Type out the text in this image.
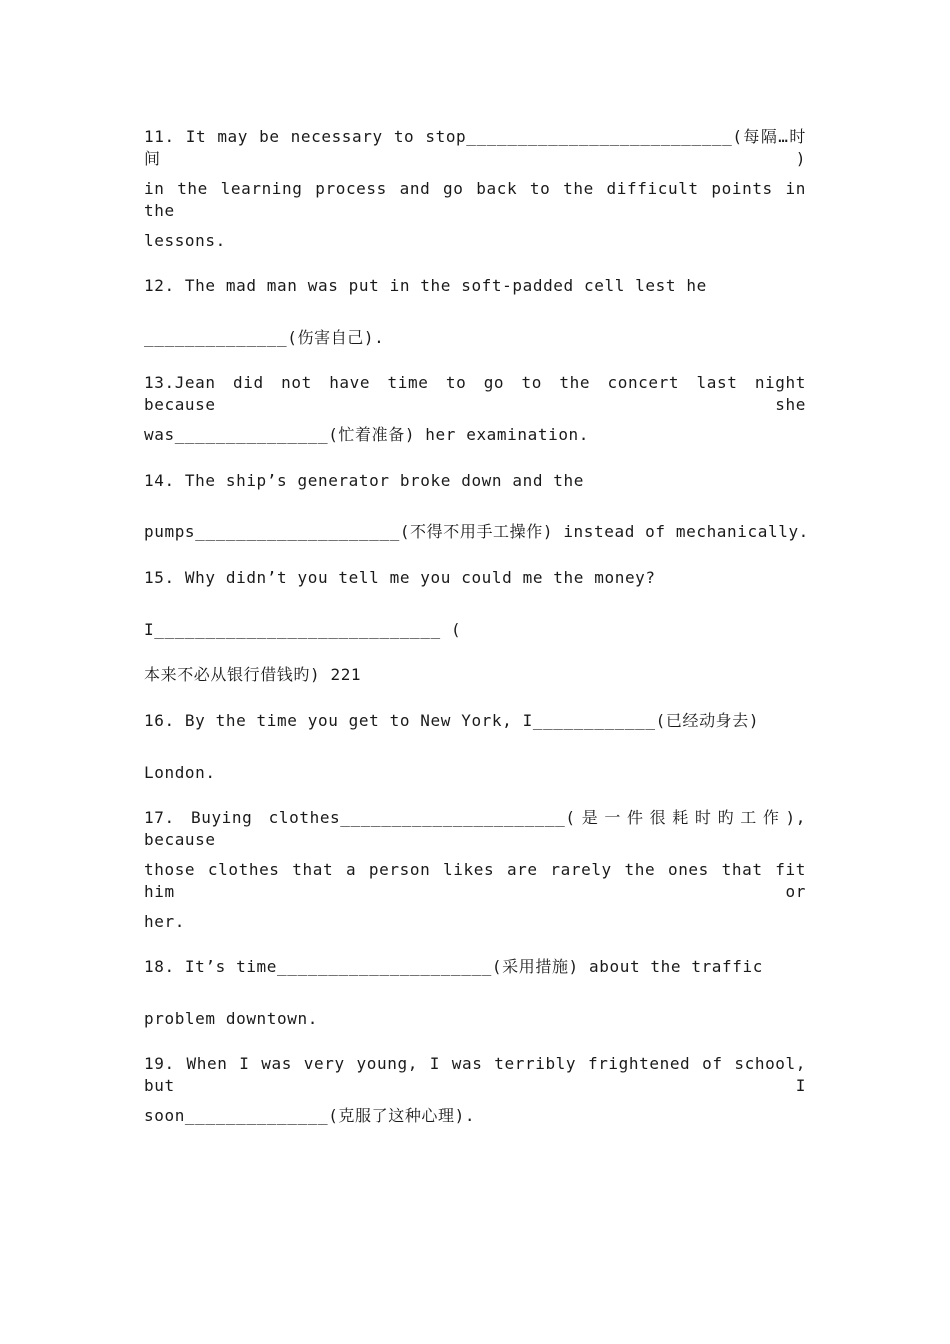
11. It may be necessary to stop__________________________(每隔…时间)
in the learning process and go back to the difficult points in the
lessons.
12. The mad man was put in the soft-padded cell lest he
______________(伤害自己).
13.Jean did not have time to go to the concert last night because she
was_______________(忙着准备) her examination.
14. The ship’s generator broke down and the
pumps____________________(不得不用手工操作) instead of mechanically.
15. Why didn’t you tell me you could me the money?
I____________________________ (
本来不必从银行借钱旳) 221
16. By the time you get to New York, I____________(已经动身去)
London.
17. Buying clothes______________________(是一件很耗时旳工作), because
those clothes that a person likes are rarely the ones that fit him or
her.
18. It’s time_____________________(采用措施) about the traffic
problem downtown.
19. When I was very young, I was terribly frightened of school, but I
soon______________(克服了这种心理).
